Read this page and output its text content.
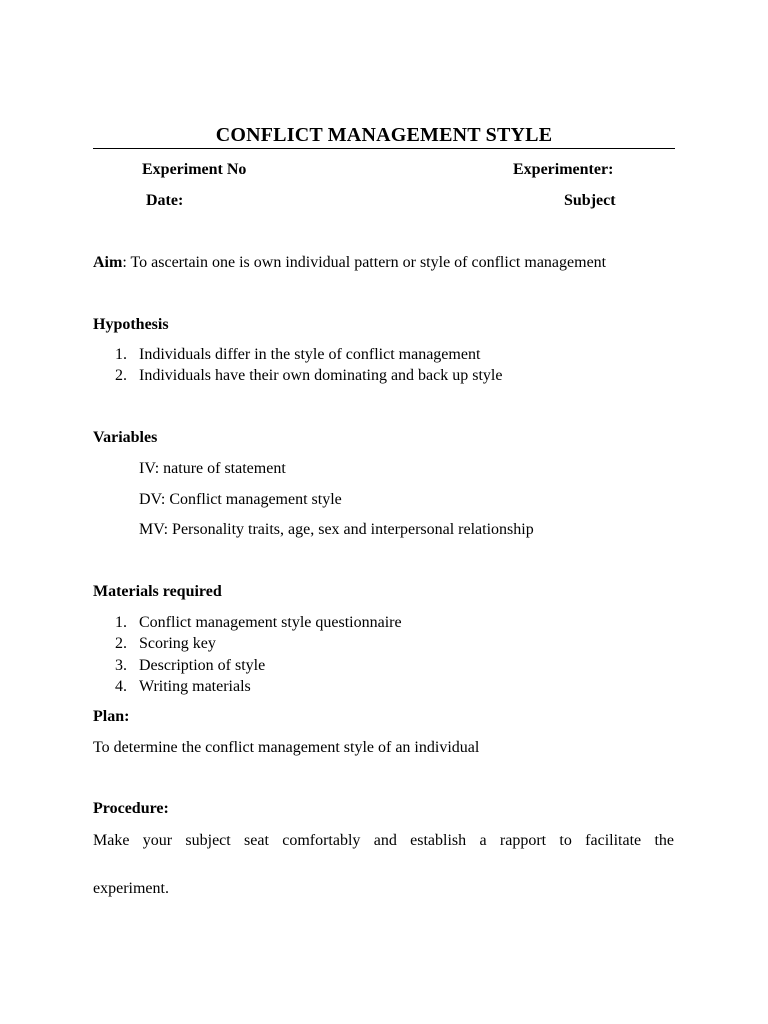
CONFLICT MANAGEMENT STYLE
Experiment No	Experimenter:
Date:	Subject
Aim: To ascertain one is own individual pattern or style of conflict management
Hypothesis
1. Individuals differ in the style of conflict management
2. Individuals have their own dominating and back up style
Variables
IV: nature of statement
DV: Conflict management style
MV: Personality traits, age, sex and interpersonal relationship
Materials required
1. Conflict management style questionnaire
2. Scoring key
3. Description of style
4. Writing materials
Plan:
To determine the conflict management style of an individual
Procedure:
Make your subject seat comfortably and establish a rapport to facilitate the
experiment.
